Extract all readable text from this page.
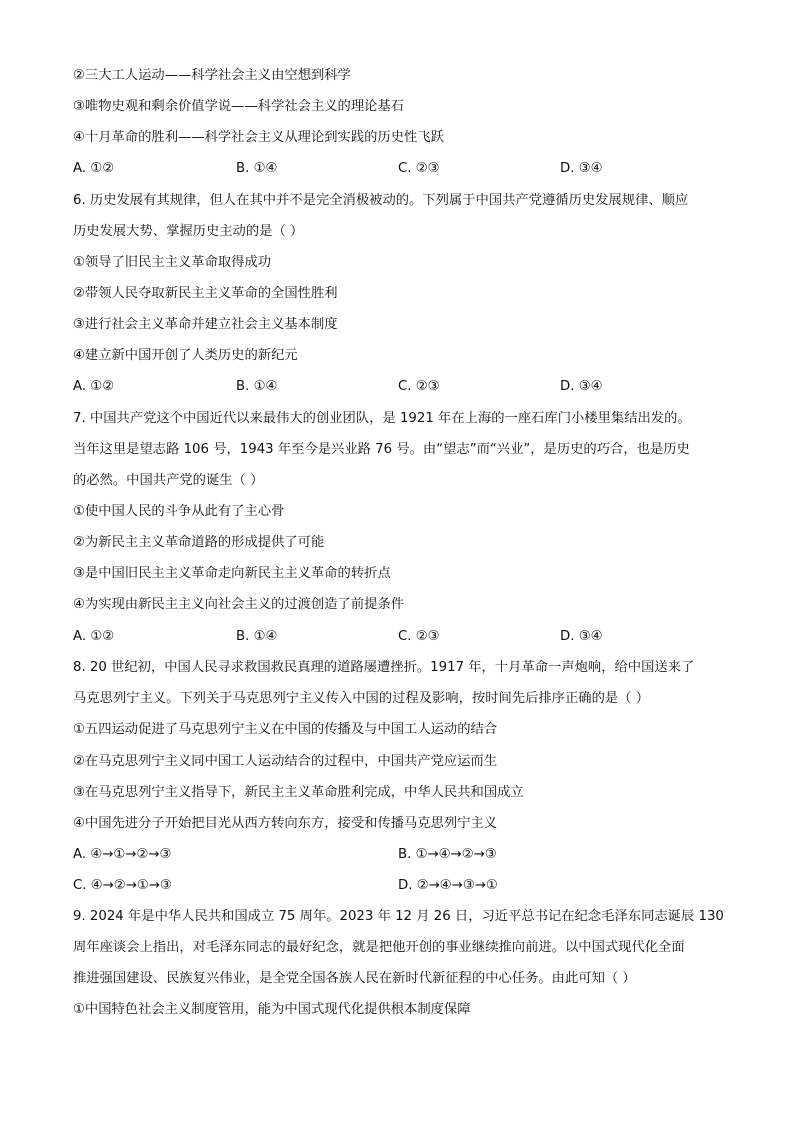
②三大工人运动——科学社会主义由空想到科学
③唯物史观和剩余价值学说——科学社会主义的理论基石
④十月革命的胜利——科学社会主义从理论到实践的历史性飞跃
A. ①②	B. ①④	C. ②③	D. ③④
6. 历史发展有其规律，但人在其中并不是完全消极被动的。下列属于中国共产党遵循历史发展规律、顺应
历史发展大势、掌握历史主动的是（ ）
①领导了旧民主主义革命取得成功
②带领人民夺取新民主主义革命的全国性胜利
③进行社会主义革命并建立社会主义基本制度
④建立新中国开创了人类历史的新纪元
A. ①②	B. ①④	C. ②③	D. ③④
7. 中国共产党这个中国近代以来最伟大的创业团队，是 1921 年在上海的一座石库门小楼里集结出发的。
当年这里是望志路 106 号，1943 年至今是兴业路 76 号。由“望志”而“兴业”，是历史的巧合，也是历史
的必然。中国共产党的诞生（ ）
①使中国人民的斗争从此有了主心骨
②为新民主主义革命道路的形成提供了可能
③是中国旧民主主义革命走向新民主主义革命的转折点
④为实现由新民主主义向社会主义的过渡创造了前提条件
A. ①②	B. ①④	C. ②③	D. ③④
8. 20 世纪初，中国人民寻求救国救民真理的道路屡遭挫折。1917 年，十月革命一声炮响，给中国送来了
马克思列宁主义。下列关于马克思列宁主义传入中国的过程及影响，按时间先后排序正确的是（ ）
①五四运动促进了马克思列宁主义在中国的传播及与中国工人运动的结合
②在马克思列宁主义同中国工人运动结合的过程中，中国共产党应运而生
③在马克思列宁主义指导下，新民主主义革命胜利完成，中华人民共和国成立
④中国先进分子开始把目光从西方转向东方，接受和传播马克思列宁主义
A. ④→①→②→③	B. ①→④→②→③
C. ④→②→①→③	D. ②→④→③→①
9. 2024 年是中华人民共和国成立 75 周年。2023 年 12 月 26 日，习近平总书记在纪念毛泽东同志诞辰 130
周年座谈会上指出，对毛泽东同志的最好纪念，就是把他开创的事业继续推向前进。以中国式现代化全面
推进强国建设、民族复兴伟业，是全党全国各族人民在新时代新征程的中心任务。由此可知（ ）
①中国特色社会主义制度管用，能为中国式现代化提供根本制度保障
